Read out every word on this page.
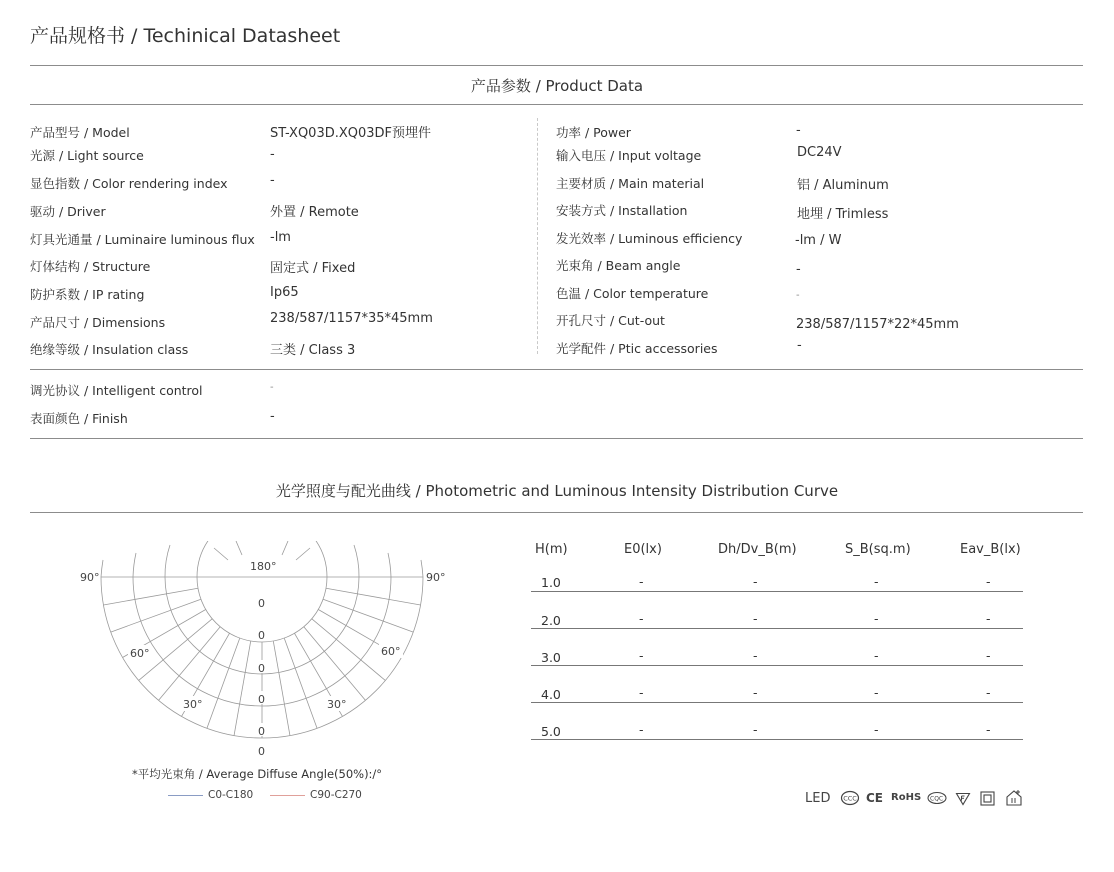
产品规格书 / Techinical Datasheet
产品参数 / Product Data
产品型号 / Model	ST-XQ03D.XQ03DF预埋件
光源 / Light source	-
显色指数 / Color rendering index	-
驱动 / Driver	外置 / Remote
灯具光通量 / Luminaire luminous flux -lm
灯体结构 / Structure	固定式 / Fixed
防护系数 / IP rating	Ip65
产品尺寸 / Dimensions	238/587/1157*35*45mm
绝缘等级 / Insulation class	三类 / Class 3
功率 / Power	-
输入电压 / Input voltage	DC24V
主要材质 / Main material	铝 / Aluminum
安装方式 / Installation	地埋 / Trimless
发光效率 / Luminous efficiency	-lm / W
光束角 / Beam angle	-
色温 / Color temperature	-
开孔尺寸 / Cut-out	238/587/1157*22*45mm
光学配件 / Ptic accessories	-
调光协议 / Intelligent control	-
表面颜色 / Finish	-
光学照度与配光曲线 / Photometric and Luminous Intensity Distribution Curve
180°
90°	90°
60°	60°
30°	30°
0
0
0
0
0
0
*平均光束角 / Average Diffuse Angle(50%):/°
C0-C180	C90-C270
H(m)	E0(lx)	Dh/Dv_B(m)	S_B(sq.m)	Eav_B(lx)
1.0	-	-	-	-
2.0	-	-	-	-
3.0	-	-	-	-
4.0	-	-	-	-
5.0	-	-	-	-
LED CCC CE RoHS CQC
